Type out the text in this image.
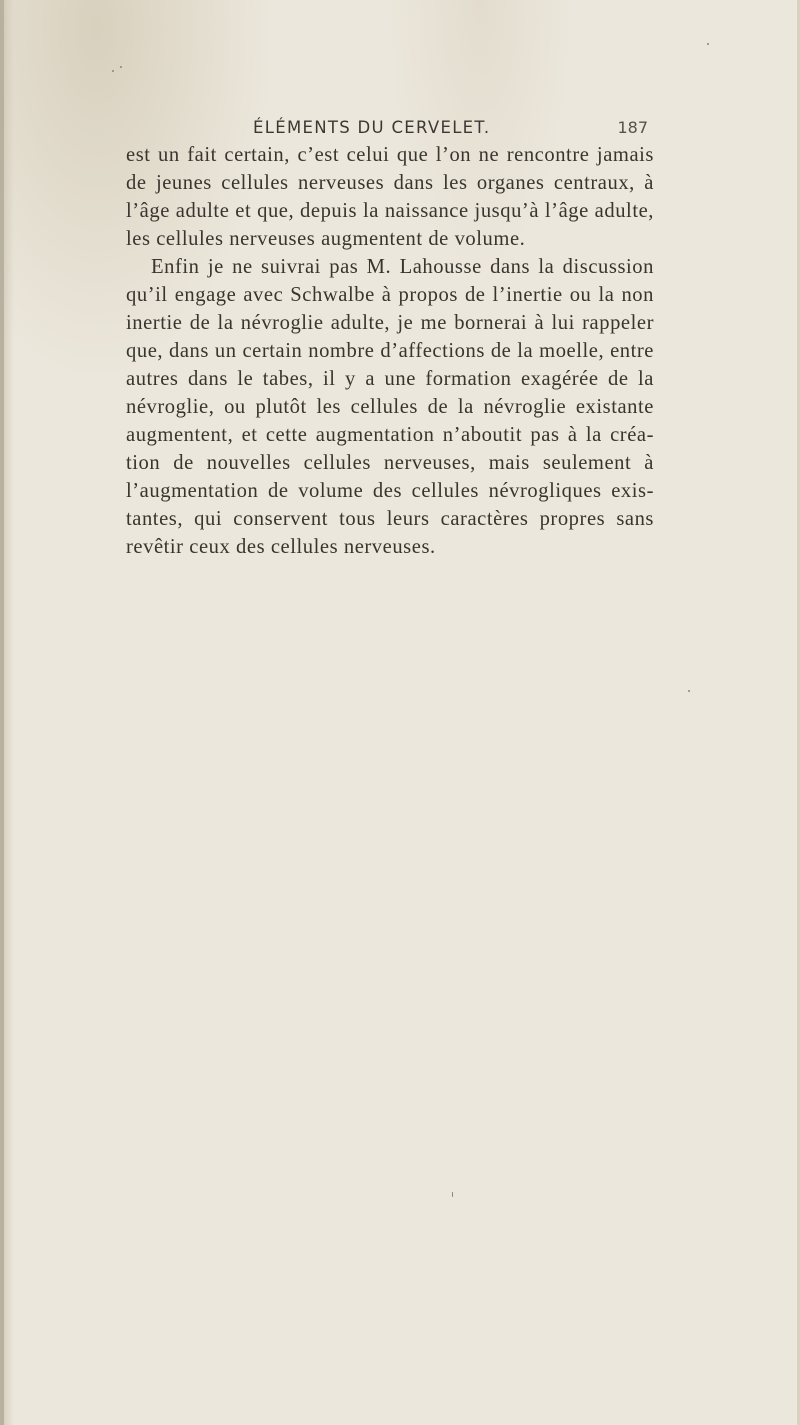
ÉLÉMENTS DU CERVELET.	187
est un fait certain, c’est celui que l’on ne rencontre jamais
de jeunes cellules nerveuses dans les organes centraux, à
l’âge adulte et que, depuis la naissance jusqu’à l’âge adulte,
les cellules nerveuses augmentent de volume.
Enfin je ne suivrai pas M. Lahousse dans la discussion
qu’il engage avec Schwalbe à propos de l’inertie ou la non
inertie de la névroglie adulte, je me bornerai à lui rappeler
que, dans un certain nombre d’affections de la moelle, entre
autres dans le tabes, il y a une formation exagérée de la
névroglie, ou plutôt les cellules de la névroglie existante
augmentent, et cette augmentation n’aboutit pas à la créa-
tion de nouvelles cellules nerveuses, mais seulement à
l’augmentation de volume des cellules névrogliques exis-
tantes, qui conservent tous leurs caractères propres sans
revêtir ceux des cellules nerveuses.
